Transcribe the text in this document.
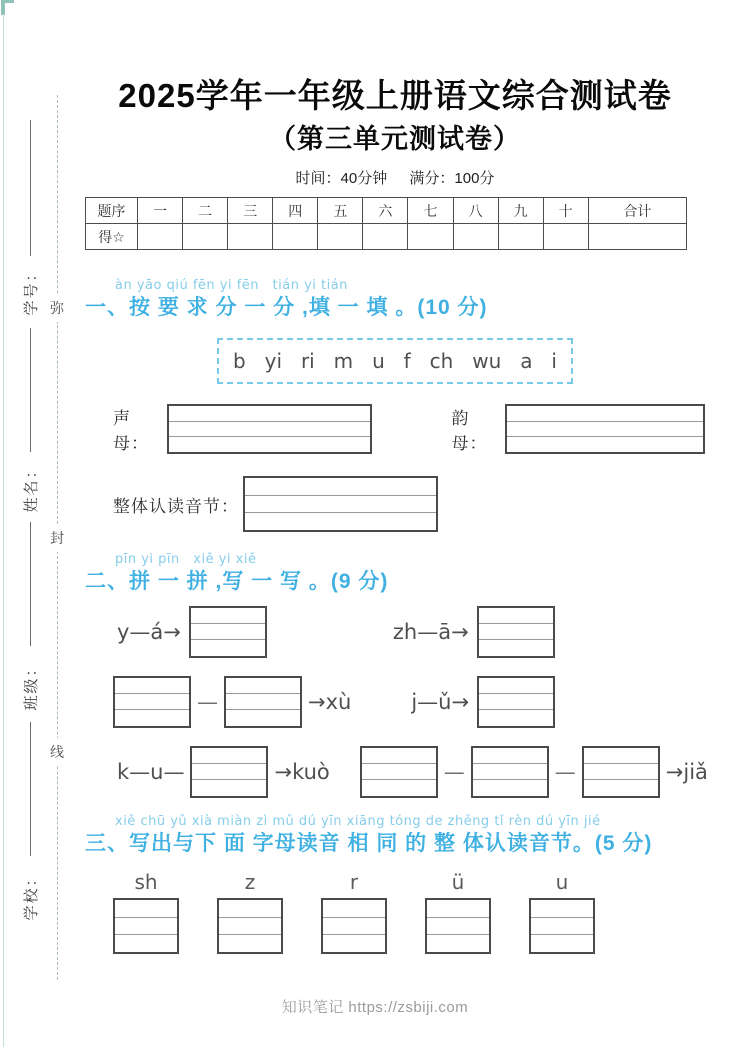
学号：
姓名：
班级：
学校：
弥
封
线
2025学年一年级上册语文综合测试卷
（第三单元测试卷）
时间：40分钟 满分：100分
题序	一	二	三	四	五	六	七	八	九	十	合计
得☆											
àn yāo qiú fēn yi fēn　tián yi tián
一、按 要 求 分 一 分 ,填 一 填 。(10 分)
b yi ri m u f ch wu a i
声母：
韵母：
整体认读音节：
pīn yi pīn　xiě yi xiě
二、拼 一 拼 ,写 一 写 。(9 分)
y—á→	zh—ā→
—	→xù	j—ǔ→
k—u—	→kuò	—	—	→jiǎ
xiě chū yǔ xià miàn zì mǔ dú yīn xiāng tóng de zhěng tǐ rèn dú yīn jié
三、写出与下 面 字母读音 相 同 的 整 体认读音节。(5 分)
sh	z	r	ü	u
知识笔记 https://zsbiji.com
